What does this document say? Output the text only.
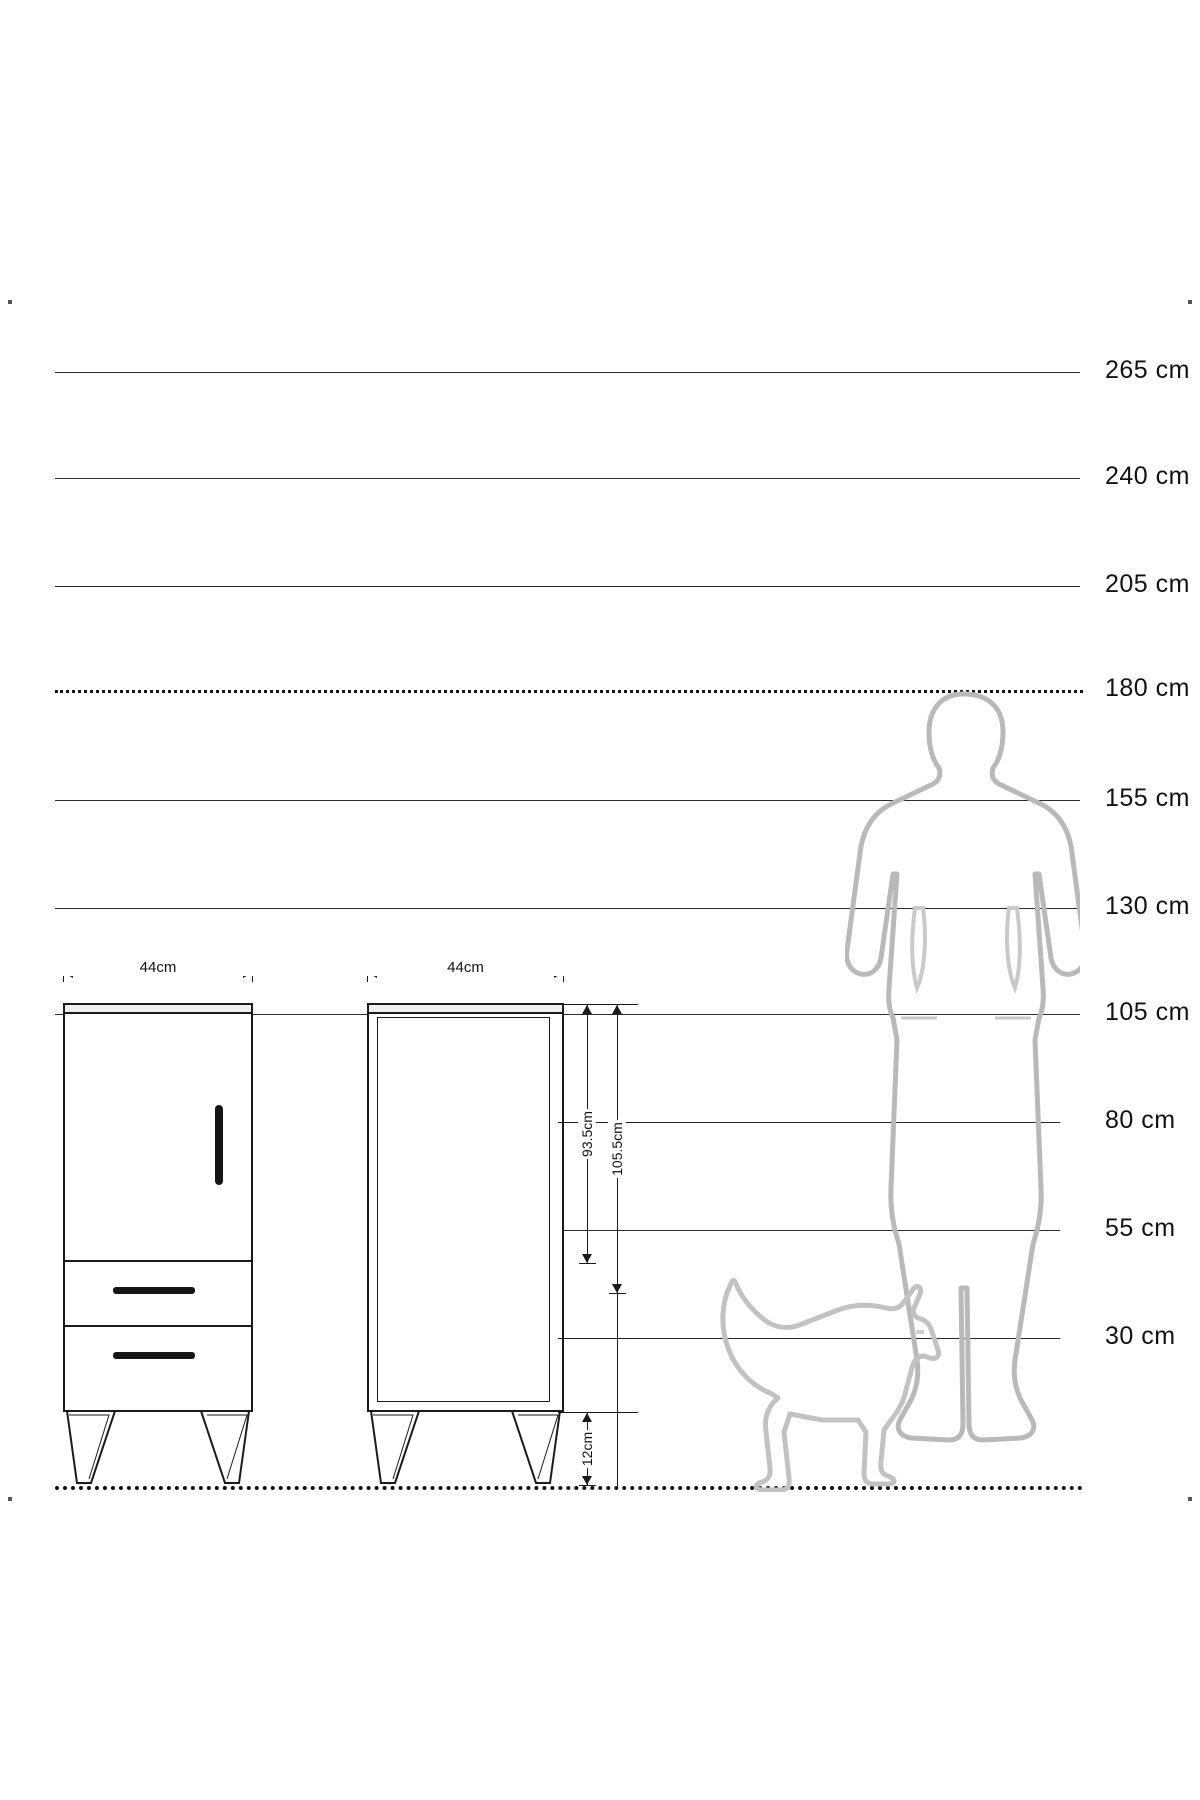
265 cm
240 cm
205 cm
180 cm
155 cm
130 cm
105 cm
80 cm
55 cm
30 cm
44cm	44cm
93.5cm 105.5cm
12cm
